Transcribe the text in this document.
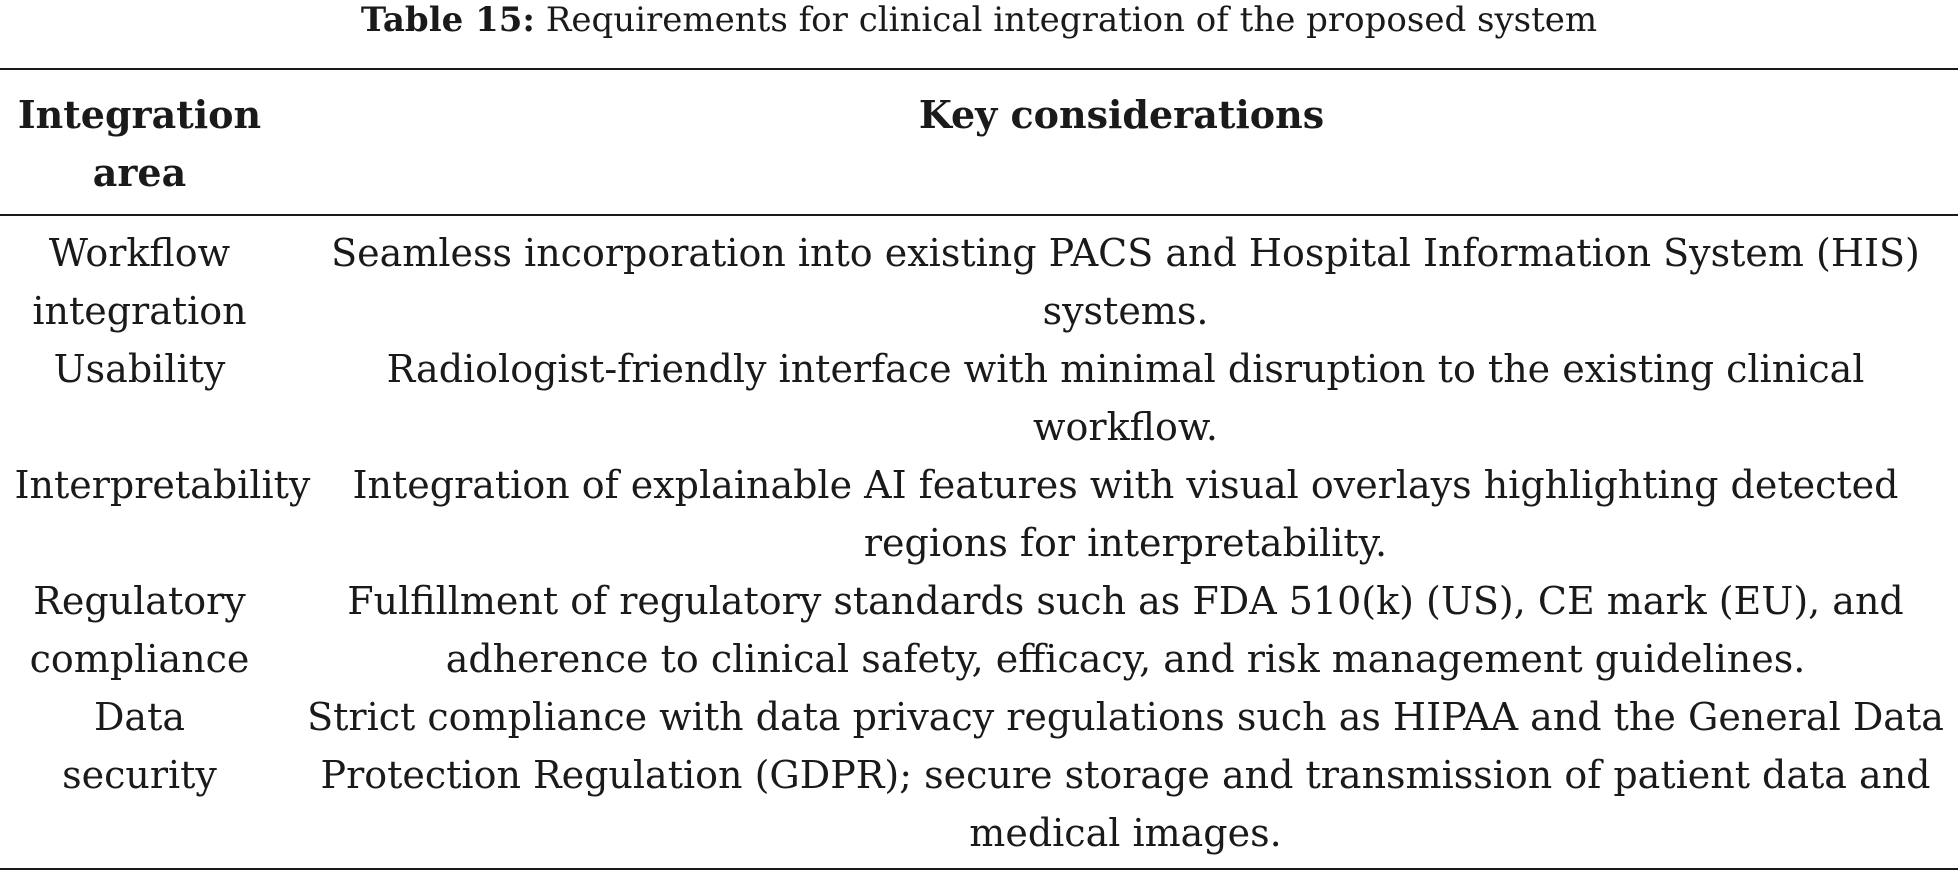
Table 15: Requirements for clinical integration of the proposed system
Integration area	Key considerations
Workflow integration	Seamless incorporation into existing PACS and Hospital Information System (HIS) systems.
Usability	Radiologist-friendly interface with minimal disruption to the existing clinical workflow.
Interpretability	Integration of explainable AI features with visual overlays highlighting detected regions for interpretability.
Regulatory compliance	Fulfillment of regulatory standards such as FDA 510(k) (US), CE mark (EU), and adherence to clinical safety, efficacy, and risk management guidelines.
Data security	Strict compliance with data privacy regulations such as HIPAA and the General Data Protection Regulation (GDPR); secure storage and transmission of patient data and medical images.
